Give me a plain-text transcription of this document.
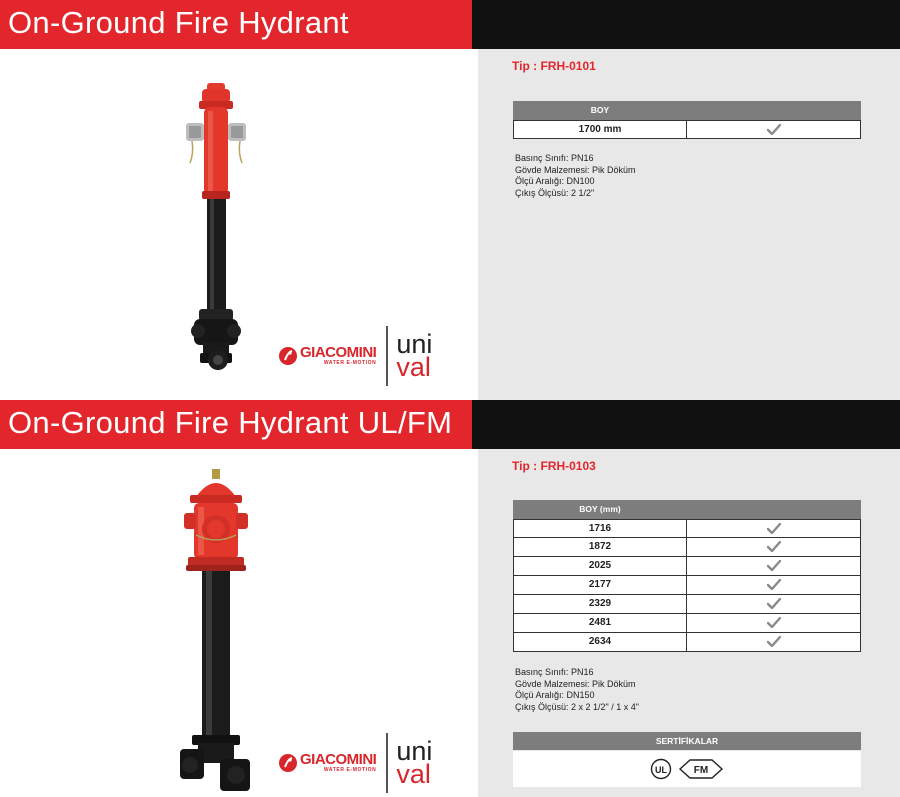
On-Ground Fire Hydrant
GIACOMINI
WATER E-MOTION
uni
val
Tip : FRH-0101
BOY
1700 mm
Basınç Sınıfı: PN16
Gövde Malzemesi: Pik Döküm
Ölçü Aralığı: DN100
Çıkış Ölçüsü: 2 1/2"
On-Ground Fire Hydrant UL/FM
GIACOMINI
WATER E-MOTION
uni
val
Tip : FRH-0103
BOY (mm)
1716
1872
2025
2177
2329
2481
2634
Basınç Sınıfı: PN16
Gövde Malzemesi: Pik Döküm
Ölçü Aralığı: DN150
Çıkış Ölçüsü: 2 x 2 1/2" / 1 x 4"
SERTİFİKALAR
UL	FM
